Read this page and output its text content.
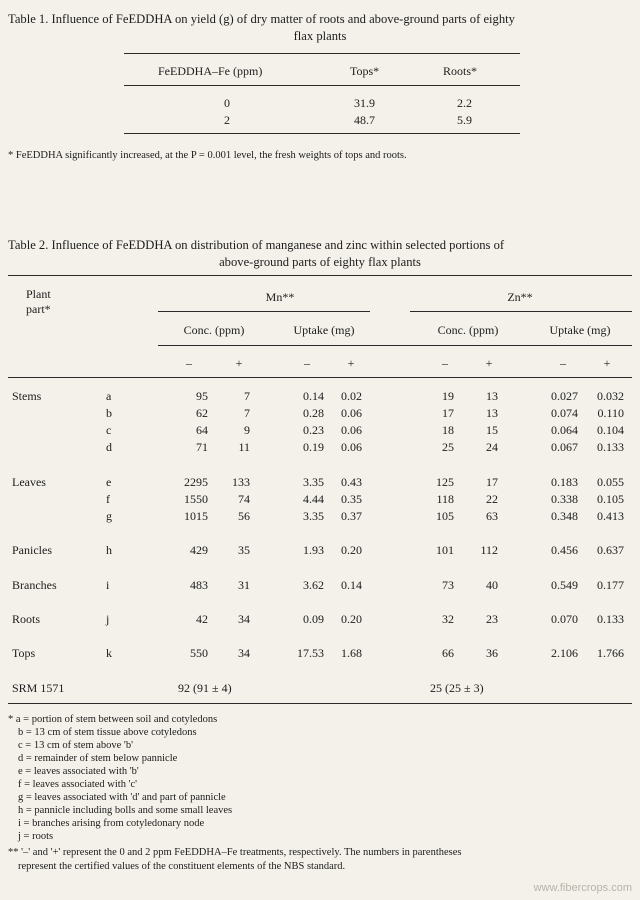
Table 1. Influence of FeEDDHA on yield (g) of dry matter of roots and above-ground parts of eighty
flax plants
FeEDDHA–Fe (ppm)	Tops*	Roots*
0	31.9	2.2
2	48.7	5.9
* FeEDDHA significantly increased, at the P = 0.001 level, the fresh weights of tops and roots.
Table 2. Influence of FeEDDHA on distribution of manganese and zinc within selected portions of
above-ground parts of eighty flax plants
Plant
part*
Mn**	Zn**
Conc. (ppm)	Uptake (mg)	Conc. (ppm)	Uptake (mg)
–	+	–	+	–	+	–	+
Stems	a	95	7	0.14	0.02	19	13	0.027	0.032
b	62	7	0.28	0.06	17	13	0.074	0.110
c	64	9	0.23	0.06	18	15	0.064	0.104
d	71	11	0.19	0.06	25	24	0.067	0.133
Leaves	e	2295	133	3.35	0.43	125	17	0.183	0.055
f	1550	74	4.44	0.35	118	22	0.338	0.105
g	1015	56	3.35	0.37	105	63	0.348	0.413
Panicles	h	429	35	1.93	0.20	101	112	0.456	0.637
Branches	i	483	31	3.62	0.14	73	40	0.549	0.177
Roots	j	42	34	0.09	0.20	32	23	0.070	0.133
Tops	k	550	34	17.53	1.68	66	36	2.106	1.766
SRM 1571	92 (91 ± 4)	25 (25 ± 3)
* a = portion of stem between soil and cotyledons
b = 13 cm of stem tissue above cotyledons
c = 13 cm of stem above 'b'
d = remainder of stem below pannicle
e = leaves associated with 'b'
f = leaves associated with 'c'
g = leaves associated with 'd' and part of pannicle
h = pannicle including bolls and some small leaves
i = branches arising from cotyledonary node
j = roots
** '–' and '+' represent the 0 and 2 ppm FeEDDHA–Fe treatments, respectively. The numbers in parentheses
represent the certified values of the constituent elements of the NBS standard.
www.fibercrops.com
